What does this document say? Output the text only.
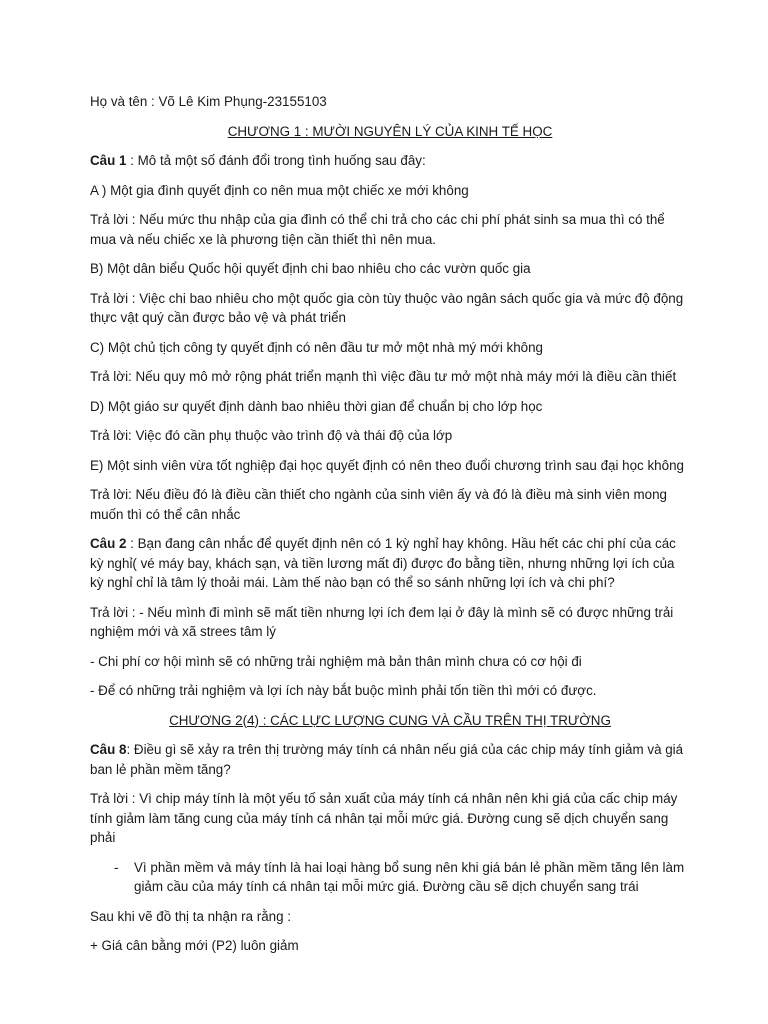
Họ và tên : Võ Lê Kim Phụng-23155103

CHƯƠNG 1 : MƯỜI NGUYÊN LÝ CỦA KINH TẾ HỌC

Câu 1 : Mô tả một số đánh đổi trong tình huống sau đây:

A ) Một gia đình quyết định co nên mua một chiếc xe mới không

Trả lời : Nếu mức thu nhập của gia đình có thể chi trả cho các chi phí phát sinh sa mua thì có thể mua và nếu chiếc xe là phương tiện cần thiết thì nên mua.

B) Một dân biểu Quốc hội quyết định chi bao nhiêu cho các vườn quốc gia

Trả lời : Việc chi bao nhiêu cho một quốc gia còn tùy thuộc vào ngân sách quốc gia và mức độ động thực vật quý cần được bảo vệ và phát triển

C) Một chủ tịch công ty quyết định có nên đầu tư mở một nhà mý mới không

Trả lời: Nếu quy mô mở rộng phát triển mạnh thì việc đầu tư mở một nhà máy mới là điều cần thiết

D) Một giáo sư quyết định dành bao nhiêu thời gian để chuẩn bị cho lớp học

Trả lời: Việc đó cần phụ thuộc vào trình độ và thái độ của lớp

E) Một sinh viên vừa tốt nghiệp đại học quyết định có nên theo đuổi chương trình sau đại học không

Trả lời: Nếu điều đó là điều cần thiết cho ngành của sinh viên ấy và đó là điều mà sinh viên mong muốn thì có thể cân nhắc

Câu 2 : Bạn đang cân nhắc để quyết định nên có 1 kỳ nghỉ hay không. Hầu hết các chi phí của các kỳ nghỉ( vé máy bay, khách sạn, và tiền lương mất đi) được đo bằng tiền, nhưng những lợi ích của kỳ nghỉ chỉ là tâm lý thoải mái. Làm thế nào bạn có thể so sánh những lợi ích và chi phí?

Trả lời : - Nếu mình đi mình sẽ mất tiền nhưng lợi ích đem lại ở đây là mình sẽ có được những trải nghiệm mới và xã strees tâm lý

- Chi phí cơ hội mình sẽ có những trải nghiệm mà bản thân mình chưa có cơ hội đi

- Để có những trải nghiệm và lợi ích này bắt buộc mình phải tốn tiền thì mới có được.

CHƯƠNG 2(4) : CÁC LỰC LƯỢNG CUNG VÀ CẦU TRÊN THỊ TRƯỜNG

Câu 8: Điều gì sẽ xảy ra trên thị trường máy tính cá nhân nếu giá của các chip máy tính giảm và giá ban lẻ phần mềm tăng?

Trả lời : Vì chip máy tính là một yếu tố sản xuất của máy tính cá nhân nên khi giá của cấc chip máy tính giảm làm tăng cung của máy tính cá nhân tại mỗi mức giá. Đường cung sẽ dịch chuyển sang phải

-	Vì phần mềm và máy tính là hai loại hàng bổ sung nên khi giá bán lẻ phần mềm tăng lên làm giảm cầu của máy tính cá nhân tại mỗi mức giá. Đường cầu sẽ dịch chuyển sang trái

Sau khi vẽ đồ thị ta nhận ra rằng :

+ Giá cân bằng mới (P2) luôn giảm
